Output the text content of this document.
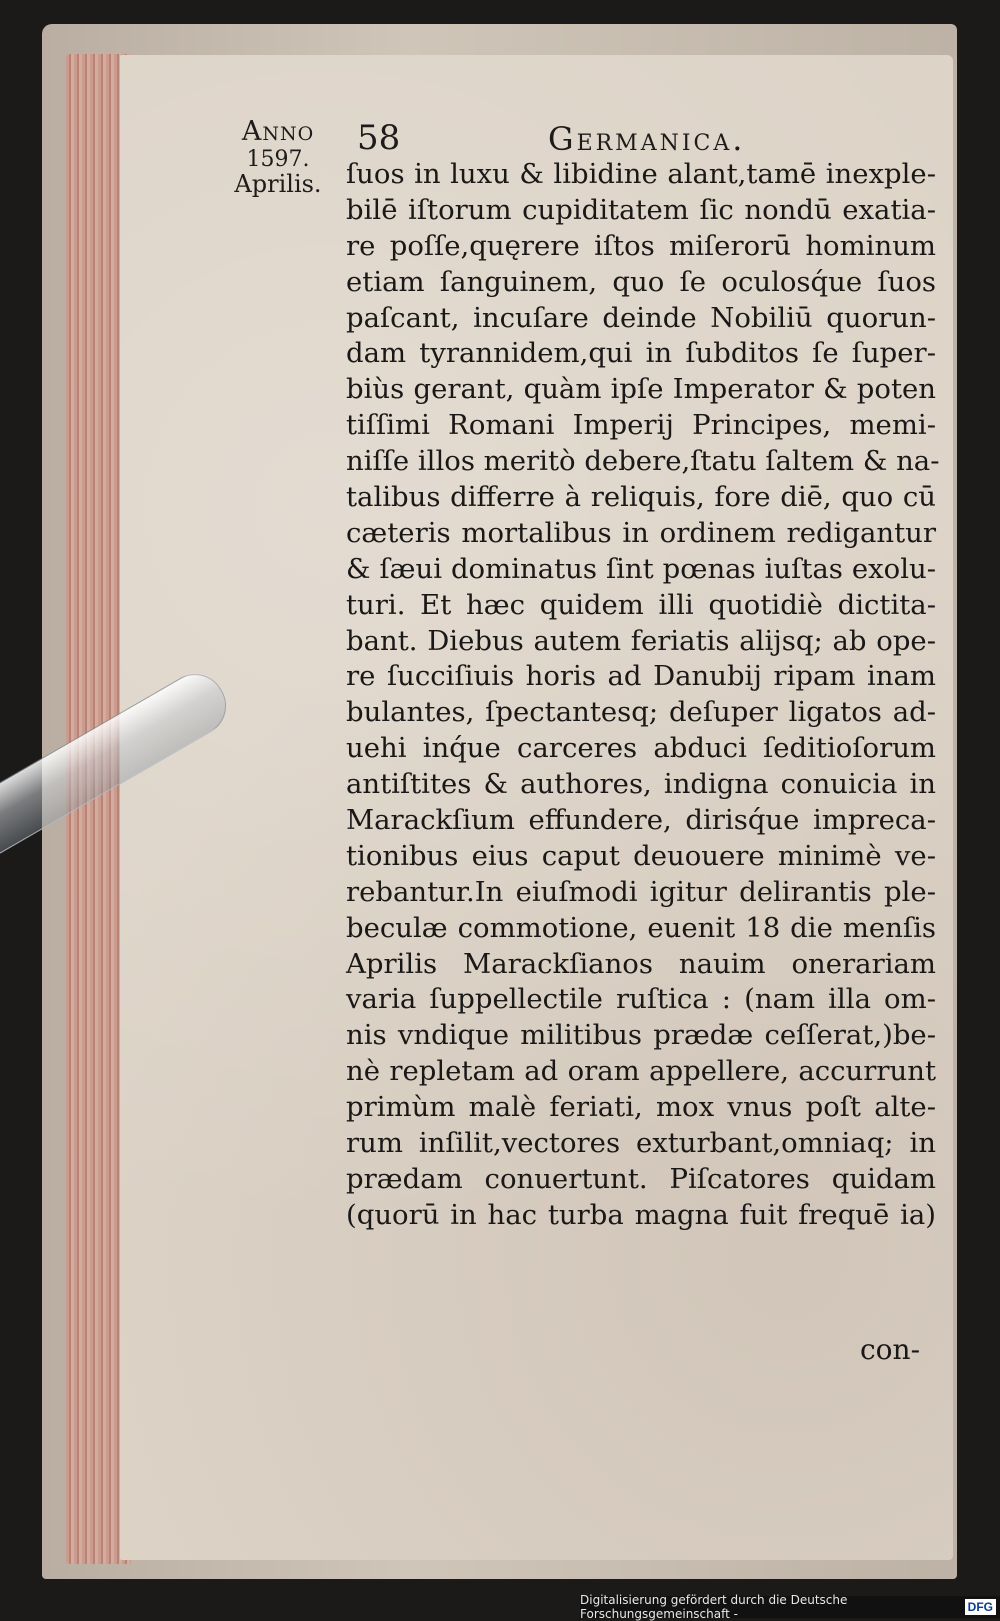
Anno
1597.
Aprilis.
58	Germanica.
ſuos in luxu & libidine alant,tamē inexple-
bilē iſtorum cupiditatem ſic nondū exatia-
re poſſe,quęrere iſtos miſerorū hominum
etiam ſanguinem, quo ſe oculosq́ue ſuos
paſcant, incuſare deinde Nobiliū quorun-
dam tyrannidem,qui in ſubditos ſe ſuper-
biùs gerant, quàm ipſe Imperator & poten
tiſſimi Romani Imperij Principes, memi-
niſſe illos meritò debere,ſtatu ſaltem & na-
talibus differre à reliquis, fore diē, quo cū
cæteris mortalibus in ordinem redigantur
& ſæui dominatus ſint pœnas iuſtas exolu-
turi. Et hæc quidem illi quotidiè dictita-
bant. Diebus autem feriatis alijsq; ab ope-
re ſucciſiuis horis ad Danubij ripam inam
bulantes, ſpectantesq; deſuper ligatos ad-
uehi inq́ue carceres abduci ſeditioſorum
antiſtites & authores, indigna conuicia in
Marackſium effundere, dirisq́ue impreca-
tionibus eius caput deuouere minimè ve-
rebantur.In eiuſmodi igitur delirantis ple-
beculæ commotione, euenit 18 die menſis
Aprilis Marackſianos nauim onerariam
varia ſuppellectile ruſtica : (nam illa om-
nis vndique militibus prædæ ceſſerat,)be-
nè repletam ad oram appellere, accurrunt
primùm malè feriati, mox vnus poſt alte-
rum inſilit,vectores exturbant,omniaq; in
prædam conuertunt. Piſcatores quidam
(quorū in hac turba magna fuit frequē ia)
con-
Digitalisierung gefördert durch die Deutsche Forschungsgemeinschaft -	DFG
